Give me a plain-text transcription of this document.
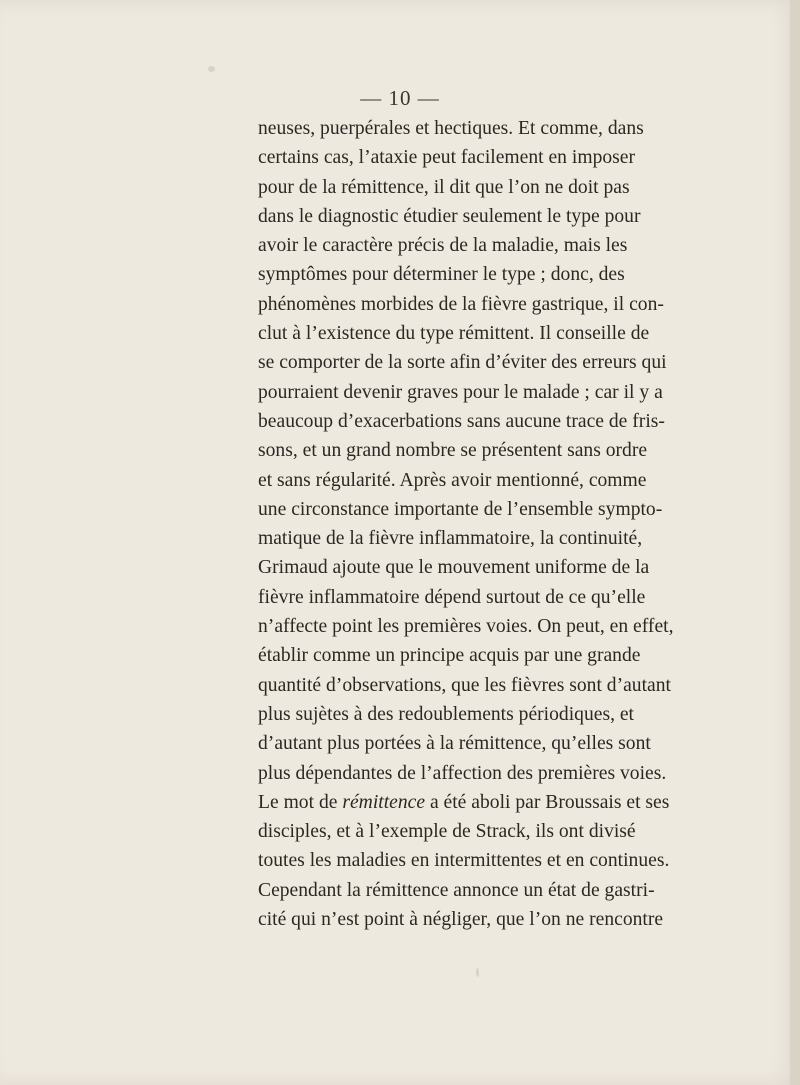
— 10 —
neuses, puerpérales et hectiques. Et comme, dans
certains cas, l’ataxie peut facilement en imposer
pour de la rémittence, il dit que l’on ne doit pas
dans le diagnostic étudier seulement le type pour
avoir le caractère précis de la maladie, mais les
symptômes pour déterminer le type ; donc, des
phénomènes morbides de la fièvre gastrique, il con-
clut à l’existence du type rémittent. Il conseille de
se comporter de la sorte afin d’éviter des erreurs qui
pourraient devenir graves pour le malade ; car il y a
beaucoup d’exacerbations sans aucune trace de fris-
sons, et un grand nombre se présentent sans ordre
et sans régularité. Après avoir mentionné, comme
une circonstance importante de l’ensemble sympto-
matique de la fièvre inflammatoire, la continuité,
Grimaud ajoute que le mouvement uniforme de la
fièvre inflammatoire dépend surtout de ce qu’elle
n’affecte point les premières voies. On peut, en effet,
établir comme un principe acquis par une grande
quantité d’observations, que les fièvres sont d’autant
plus sujètes à des redoublements périodiques, et
d’autant plus portées à la rémittence, qu’elles sont
plus dépendantes de l’affection des premières voies.
Le mot de rémittence a été aboli par Broussais et ses
disciples, et à l’exemple de Strack, ils ont divisé
toutes les maladies en intermittentes et en continues.
Cependant la rémittence annonce un état de gastri-
cité qui n’est point à négliger, que l’on ne rencontre
